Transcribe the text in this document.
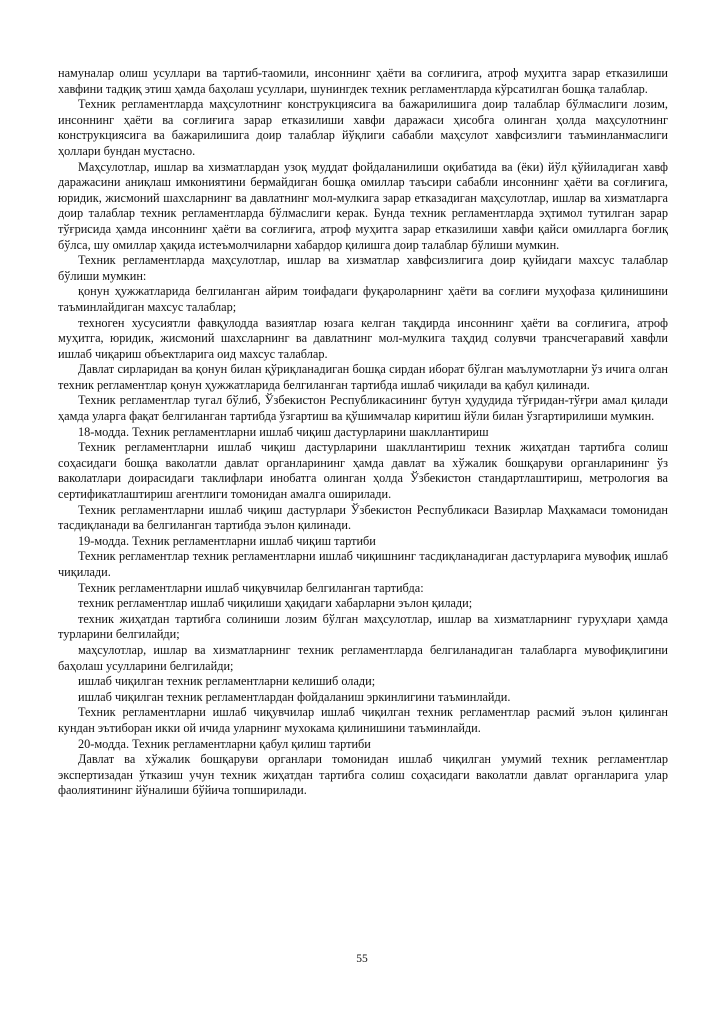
намуналар олиш усуллари ва тартиб-таомили, инсоннинг ҳаёти ва соғлиғига, атроф муҳитга зарар етказилиши хавфини тадқиқ этиш ҳамда баҳолаш усуллари, шунингдек техник регламентларда кўрсатилган бошқа талаблар.

Техник регламентларда маҳсулотнинг конструкциясига ва бажарилишига доир талаблар бўлмаслиги лозим, инсоннинг ҳаёти ва соғлиғига зарар етказилиши хавфи даражаси ҳисобга олинган ҳолда маҳсулотнинг конструкциясига ва бажарилишига доир талаблар йўқлиги сабабли маҳсулот хавфсизлиги таъминланмаслиги ҳоллари бундан мустасно.

Маҳсулотлар, ишлар ва хизматлардан узоқ муддат фойдаланилиши оқибатида ва (ёки) йўл қўйиладиган хавф даражасини аниқлаш имкониятини бермайдиган бошқа омиллар таъсири сабабли инсоннинг ҳаёти ва соғлиғига, юридик, жисмоний шахсларнинг ва давлатнинг мол-мулкига зарар етказадиган маҳсулотлар, ишлар ва хизматларга доир талаблар техник регламентларда бўлмаслиги керак. Бунда техник регламентларда эҳтимол тутилган зарар тўғрисида ҳамда инсоннинг ҳаёти ва соғлиғига, атроф муҳитга зарар етказилиши хавфи қайси омилларга боғлиқ бўлса, шу омиллар ҳақида истеъмолчиларни хабардор қилишга доир талаблар бўлиши мумкин.

Техник регламентларда маҳсулотлар, ишлар ва хизматлар хавфсизлигига доир қуйидаги махсус талаблар бўлиши мумкин:

қонун ҳужжатларида белгиланган айрим тоифадаги фуқароларнинг ҳаёти ва соғлиғи муҳофаза қилинишини таъминлайдиган махсус талаблар;

техноген хусусиятли фавқулодда вазиятлар юзага келган тақдирда инсоннинг ҳаёти ва соғлиғига, атроф муҳитга, юридик, жисмоний шахсларнинг ва давлатнинг мол-мулкига таҳдид солувчи трансчегаравий хавфли ишлаб чиқариш объектларига оид махсус талаблар.

Давлат сирларидан ва қонун билан қўриқланадиган бошқа сирдан иборат бўлган маълумотларни ўз ичига олган техник регламентлар қонун ҳужжатларида белгиланган тартибда ишлаб чиқилади ва қабул қилинади.

Техник регламентлар тугал бўлиб, Ўзбекистон Республикасининг бутун ҳудудида тўғридан-тўғри амал қилади ҳамда уларга фақат белгиланган тартибда ўзгартиш ва қўшимчалар киритиш йўли билан ўзгартирилиши мумкин.

18-модда. Техник регламентларни ишлаб чиқиш дастурларини шакллантириш

Техник регламентларни ишлаб чиқиш дастурларини шакллантириш техник жиҳатдан тартибга солиш соҳасидаги бошқа ваколатли давлат органларининг ҳамда давлат ва хўжалик бошқаруви органларининг ўз ваколатлари доирасидаги таклифлари инобатга олинган ҳолда Ўзбекистон стандартлаштириш, метрология ва сертификатлаштириш агентлиги томонидан амалга оширилади.

Техник регламентларни ишлаб чиқиш дастурлари Ўзбекистон Республикаси Вазирлар Маҳкамаси томонидан тасдиқланади ва белгиланган тартибда эълон қилинади.

19-модда. Техник регламентларни ишлаб чиқиш тартиби

Техник регламентлар техник регламентларни ишлаб чиқишнинг тасдиқланадиган дастурларига мувофиқ ишлаб чиқилади.

Техник регламентларни ишлаб чиқувчилар белгиланган тартибда:

техник регламентлар ишлаб чиқилиши ҳақидаги хабарларни эълон қилади;

техник жиҳатдан тартибга солиниши лозим бўлган маҳсулотлар, ишлар ва хизматларнинг гуруҳлари ҳамда турларини белгилайди;

маҳсулотлар, ишлар ва хизматларнинг техник регламентларда белгиланадиган талабларга мувофиқлигини баҳолаш усулларини белгилайди;

ишлаб чиқилган техник регламентларни келишиб олади;

ишлаб чиқилган техник регламентлардан фойдаланиш эркинлигини таъминлайди.

Техник регламентларни ишлаб чиқувчилар ишлаб чиқилган техник регламентлар расмий эълон қилинган кундан эътиборан икки ой ичида уларнинг мухокама қилинишини таъминлайди.

20-модда. Техник регламентларни қабул қилиш тартиби

Давлат ва хўжалик бошқаруви органлари томонидан ишлаб чиқилган умумий техник регламентлар экспертизадан ўтказиш учун техник жиҳатдан тартибга солиш соҳасидаги ваколатли давлат органларига улар фаолиятининг йўналиши бўйича топширилади.

55
